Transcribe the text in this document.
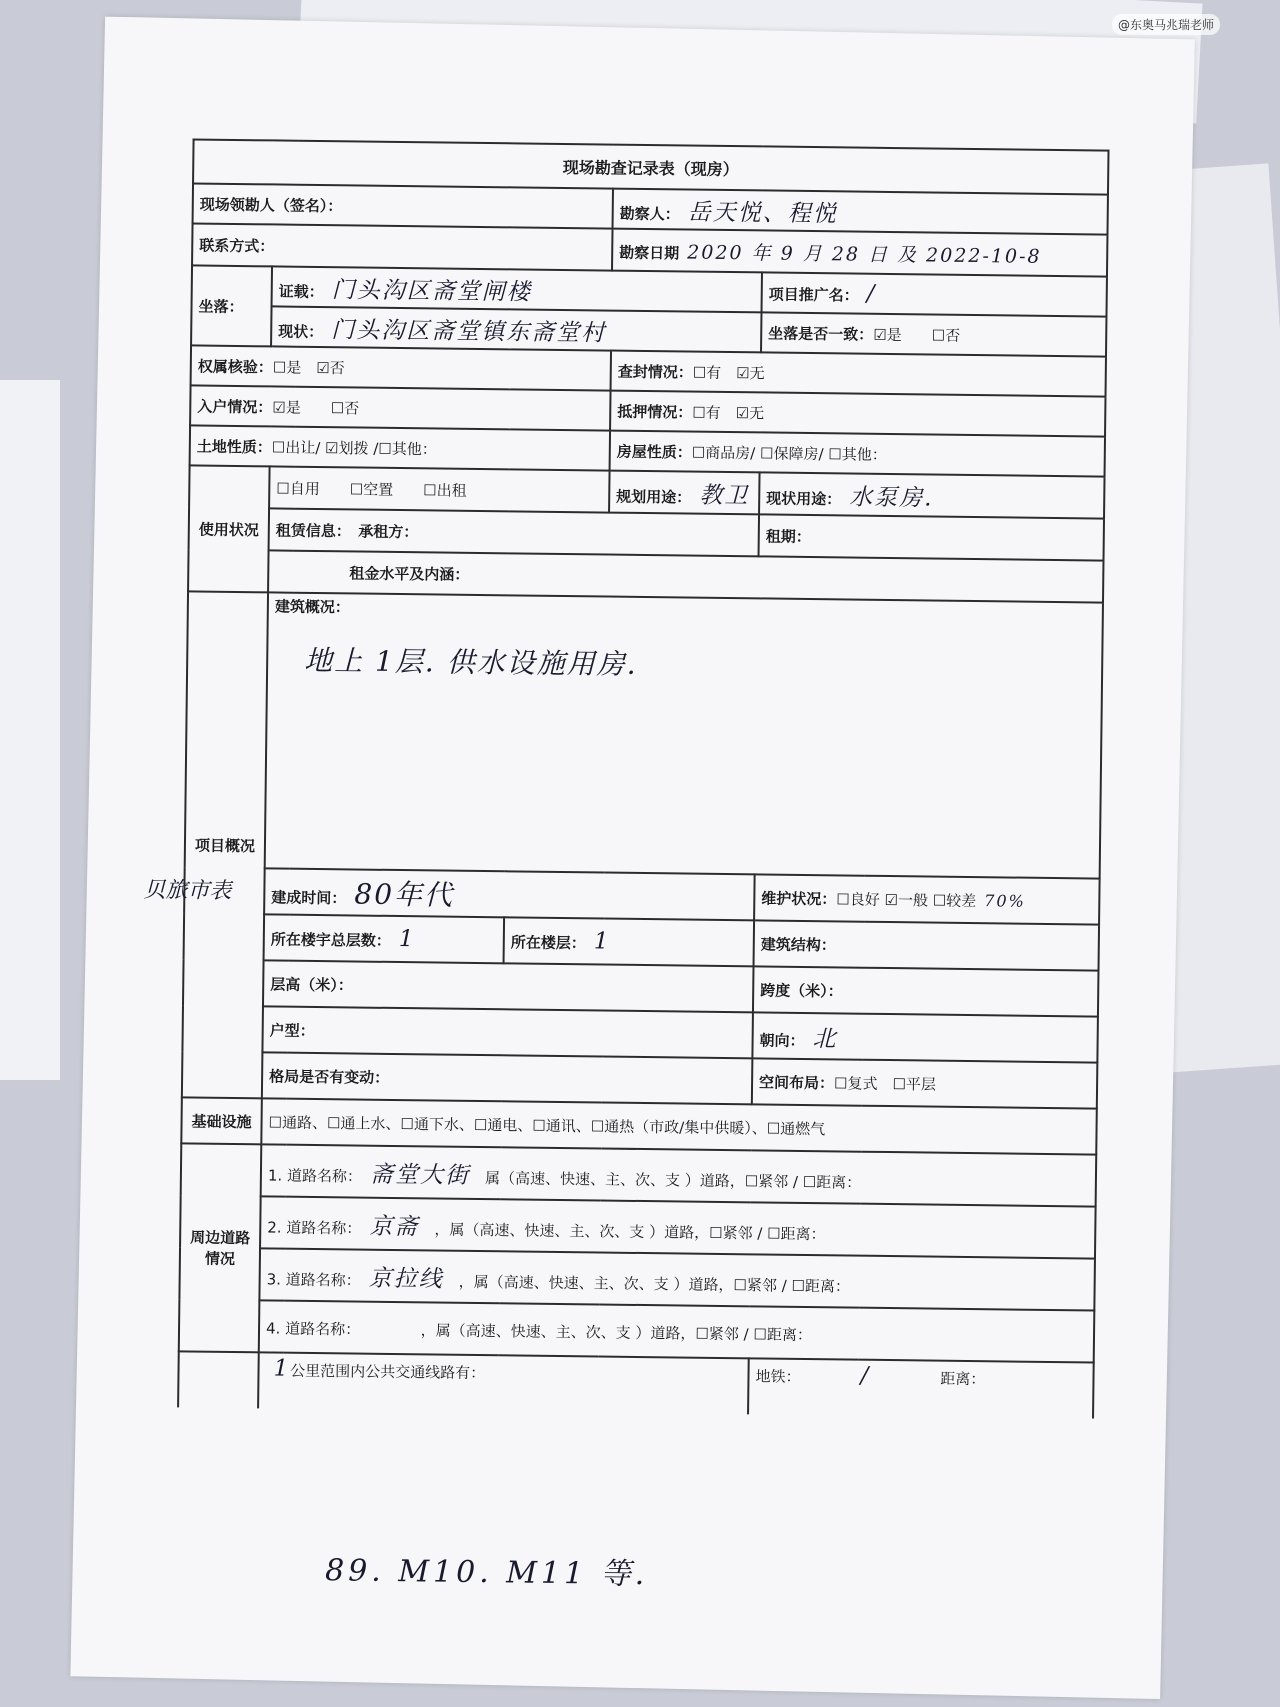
@东奥马兆瑞老师
现场勘查记录表（现房）				
现场领勘人（签名）：			勘察人： 岳天悦、程悦	
联系方式：			勘察日期 2020 年 9 月 28 日 及 2022-10-8	
坐落：	证载： 门头沟区斋堂闸楼			项目推广名： /
	现状： 门头沟区斋堂镇东斋堂村			坐落是否一致：☑是　　☐否
权属核验：☐是　☑否			查封情况：☐有　☑无	
入户情况：☑是　　☐否			抵押情况：☐有　☑无	
土地性质：☐出让/ ☑划拨 /☐其他：			房屋性质：☐商品房/ ☐保障房/ ☐其他：	
使用状况	☐自用　　☐空置　　☐出租		规划用途： 教卫	现状用途： 水泵房.
	租赁信息：　 承租方：			租期：
	租金水平及内涵：			
项目概况	建筑概况：
地上 1层. 供水设施用房.			

	建成时间： 80年代			维护状况：☐良好 ☑一般 ☐较差 70%
	所在楼宇总层数： 1	所在楼层： 1		建筑结构：
	层高（米）：			跨度（米）：
	户型：			朝向： 北
	格局是否有变动：			空间布局：☐复式　☐平层
基础设施	☐通路、☐通上水、☐通下水、☐通电、☐通讯、☐通热（市政/集中供暖）、☐通燃气			
周边道路情况	1. 道路名称： 斋堂大街　 属（高速、快速、主、次、支 ）道路，☐紧邻 / ☐距离：			
	2. 道路名称： 京斋　 ，属（高速、快速、主、次、支 ）道路，☐紧邻 / ☐距离：			
	3. 道路名称： 京拉线　 ，属（高速、快速、主、次、支 ）道路，☐紧邻 / ☐距离：			
	4. 道路名称：　　　　 ，属（高速、快速、主、次、支 ）道路，☐紧邻 / ☐距离：			
	1公里范围内公共交通线路有：			地铁： / 距离：
贝旅市表
89. M10. M11 等.
